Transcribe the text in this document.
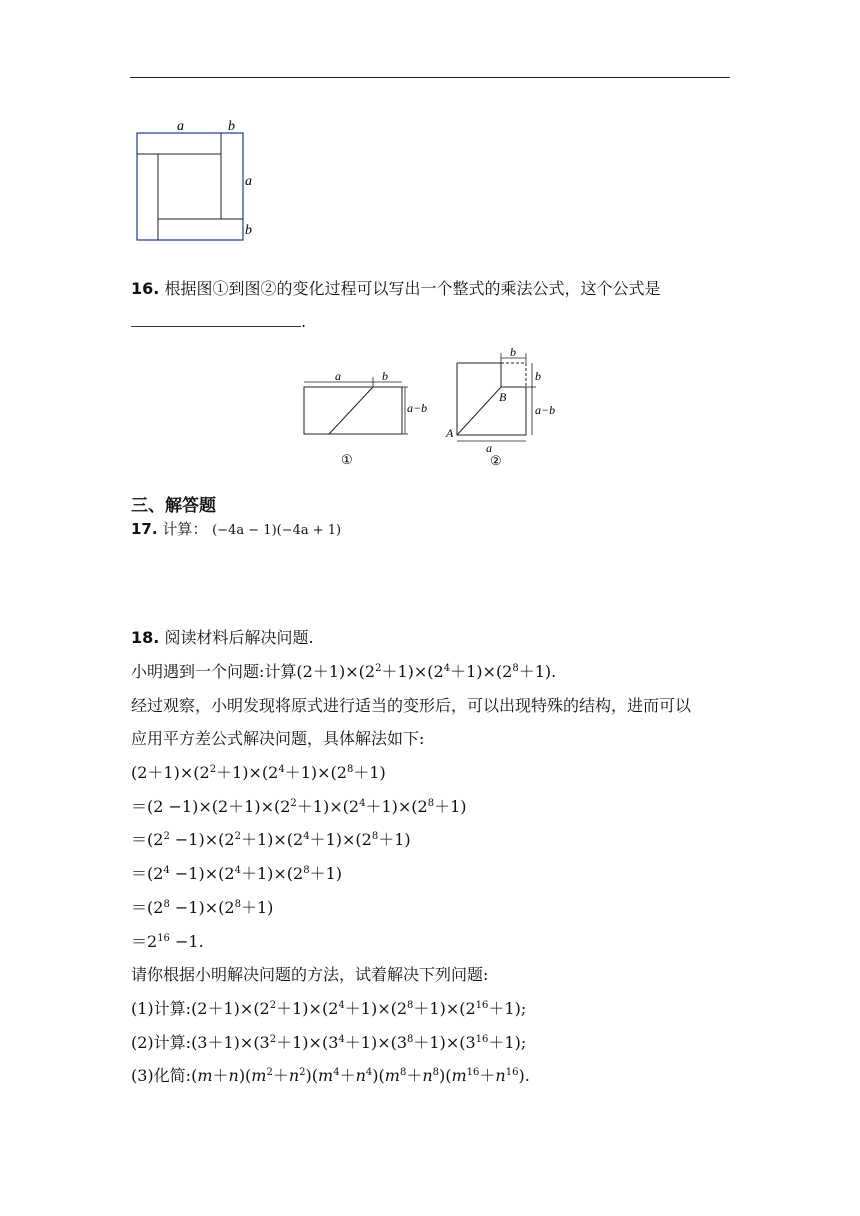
a	b
a
b
16. 根据图①到图②的变化过程可以写出一个整式的乘法公式，这个公式是
.
a	b
a−b
①
b
b
a−b
B
A
a
②
三、解答题
17. 计算： (−4a − 1)(−4a + 1)
18. 阅读材料后解决问题.
小明遇到一个问题:计算$(2+1)\times(2^2+1)\times(2^4+1)\times(2^8+1)$.
经过观察，小明发现将原式进行适当的变形后，可以出现特殊的结构，进而可以
应用平方差公式解决问题，具体解法如下:
$(2+1)\times(2^2+1)\times(2^4+1)\times(2^8+1)$
$=(2 -1)\times(2+1)\times(2^2+1)\times(2^4+1)\times(2^8+1)$
$=(2^2 -1)\times(2^2+1)\times(2^4+1)\times(2^8+1)$
$=(2^4 -1)\times(2^4+1)\times(2^8+1)$
$=(2^8 -1)\times(2^8+1)$
$=2^{16} -1$.
请你根据小明解决问题的方法，试着解决下列问题:
(1)计算$:(2+1)\times(2^2+1)\times(2^4+1)\times(2^8+1)\times(2^{16}+1)$;
(2)计算$:(3+1)\times(3^2+1)\times(3^4+1)\times(3^8+1)\times(3^{16}+1)$;
(3)化简$:(m+n)(m^2+n^2)(m^4+n^4)(m^8+n^8)(m^{16}+n^{16})$.
